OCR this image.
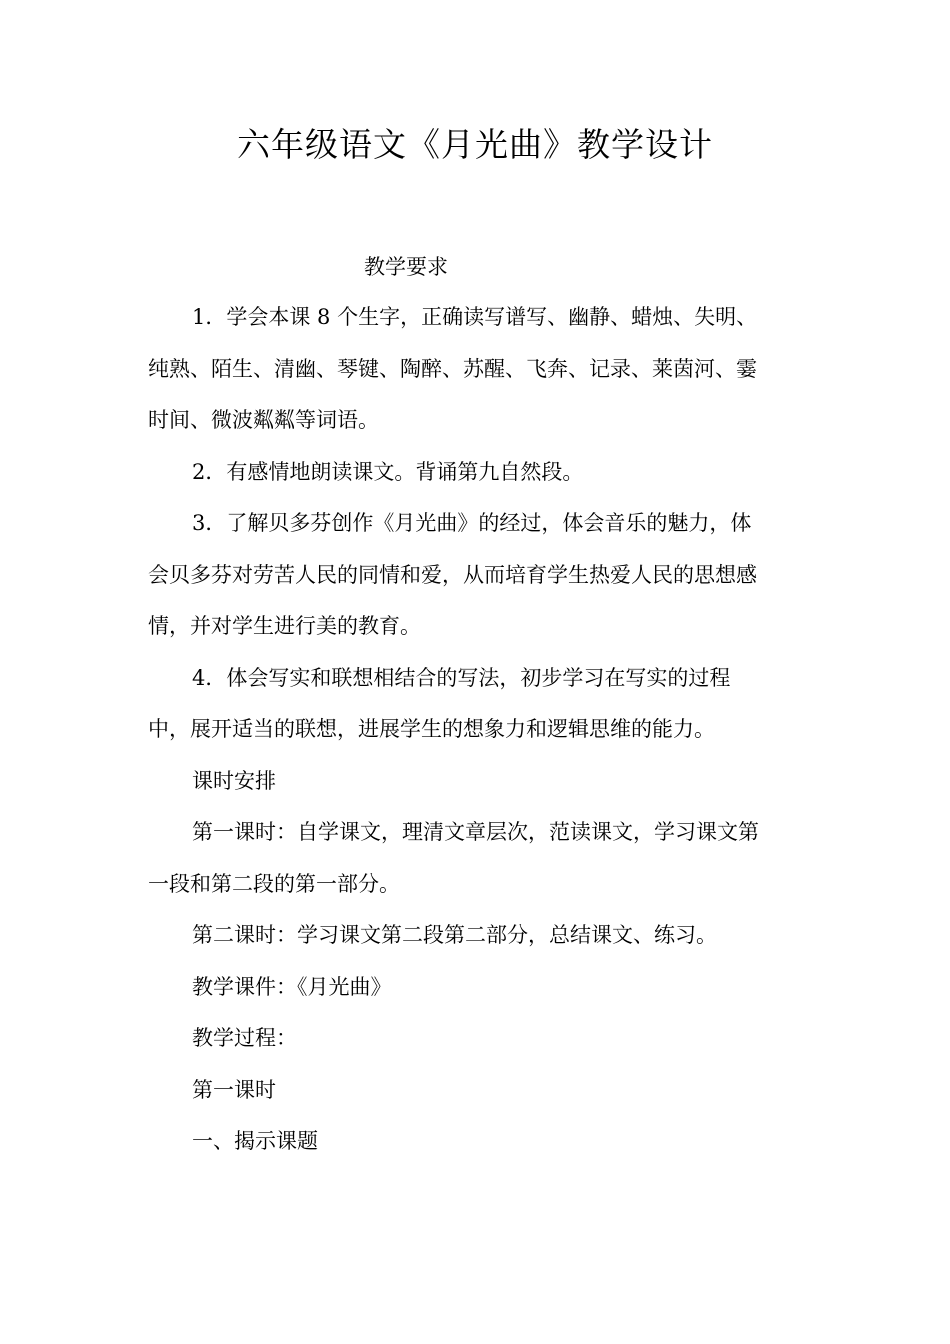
六年级语文《月光曲》教学设计
教学要求
1．学会本课 8 个生字，正确读写谱写、幽静、蜡烛、失明、
纯熟、陌生、清幽、琴键、陶醉、苏醒、飞奔、记录、莱茵河、霎
时间、微波粼粼等词语。
2．有感情地朗读课文。背诵第九自然段。
3．了解贝多芬创作《月光曲》的经过，体会音乐的魅力，体
会贝多芬对劳苦人民的同情和爱，从而培育学生热爱人民的思想感
情，并对学生进行美的教育。
4．体会写实和联想相结合的写法，初步学习在写实的过程
中，展开适当的联想，进展学生的想象力和逻辑思维的能力。
课时安排
第一课时：自学课文，理清文章层次，范读课文，学习课文第
一段和第二段的第一部分。
第二课时：学习课文第二段第二部分，总结课文、练习。
教学课件：《月光曲》
教学过程：
第一课时
一、揭示课题
